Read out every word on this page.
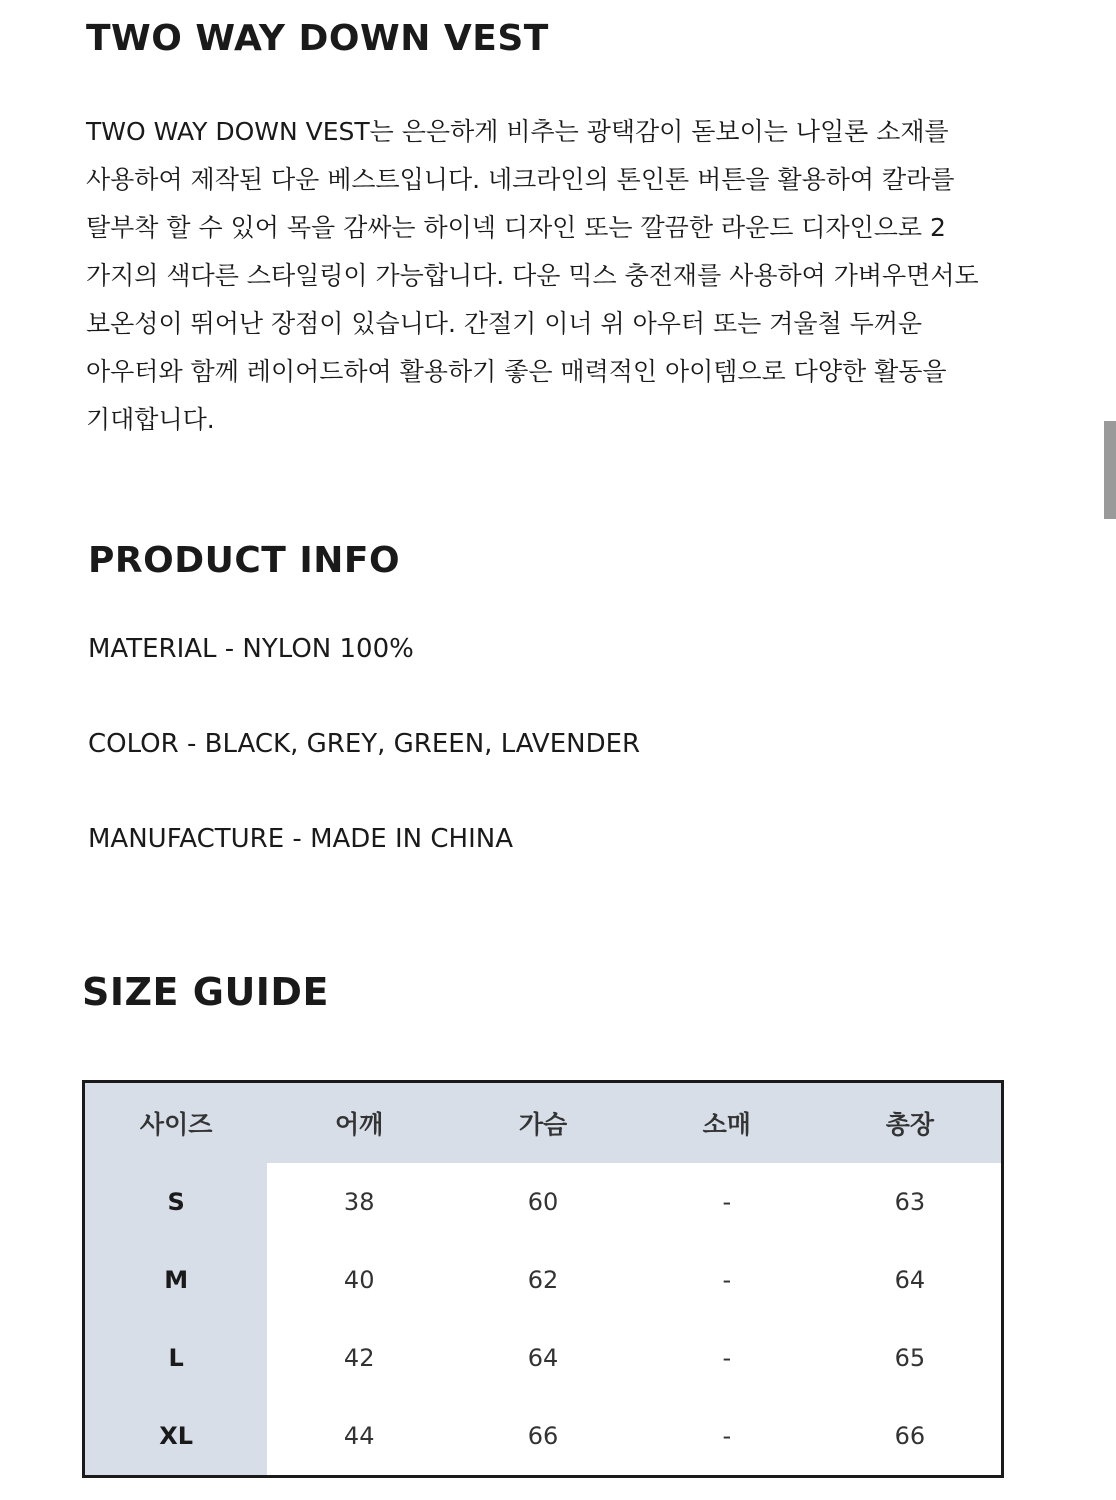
TWO WAY DOWN VEST

TWO WAY DOWN VEST는 은은하게 비추는 광택감이 돋보이는 나일론 소재를
사용하여 제작된 다운 베스트입니다. 네크라인의 톤인톤 버튼을 활용하여 칼라를
탈부착 할 수 있어 목을 감싸는 하이넥 디자인 또는 깔끔한 라운드 디자인으로 2
가지의 색다른 스타일링이 가능합니다. 다운 믹스 충전재를 사용하여 가벼우면서도
보온성이 뛰어난 장점이 있습니다. 간절기 이너 위 아우터 또는 겨울철 두꺼운
아우터와 함께 레이어드하여 활용하기 좋은 매력적인 아이템으로 다양한 활동을
기대합니다.

PRODUCT INFO

MATERIAL - NYLON 100%

COLOR - BLACK, GREY, GREEN, LAVENDER

MANUFACTURE - MADE IN CHINA

SIZE GUIDE
사이즈	어깨	가슴	소매	총장
S	38	60	-	63
M	40	62	-	64
L	42	64	-	65
XL	44	66	-	66
